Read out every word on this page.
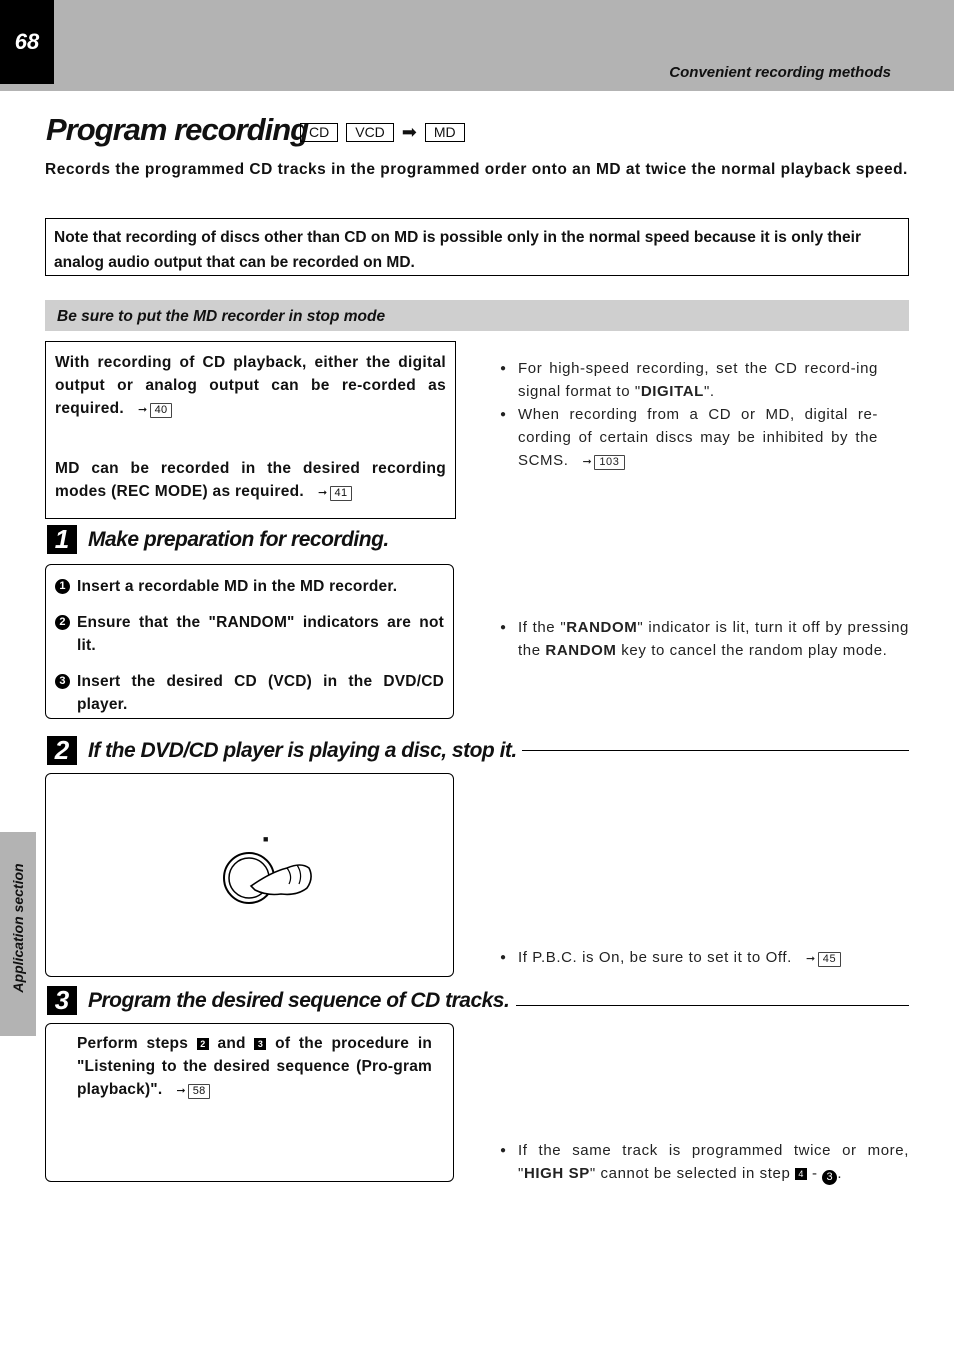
68
Convenient recording methods
Program recording CD	VCD ➡	MD
Records the programmed CD tracks in the programmed order onto an MD at twice the normal playback speed.
Note that recording of discs other than CD on MD is possible only in the normal speed because it is only their analog audio output that can be recorded on MD.
Be sure to put the MD recorder in stop mode

With recording of CD playback, either the digital output or analog output can be re-corded as required. ➞ 40

MD can be recorded in the desired recording modes (REC MODE) as required. ➞ 41

● For high-speed recording, set the CD record-ing signal format to "DIGITAL".
● When recording from a CD or MD, digital re-cording of certain discs may be inhibited by the SCMS. ➞ 103
1 Make preparation for recording.
1 Insert a recordable MD in the MD recorder.
2 Ensure that the "RANDOM" indicators are not lit.
3 Insert the desired CD (VCD) in the DVD/CD player.
● If the "RANDOM" indicator is lit, turn it off by pressing the RANDOM key to cancel the random play mode.
2 If the DVD/CD player is playing a disc, stop it.
■
● If P.B.C. is On, be sure to set it to Off. ➞ 45
Application section
3 Program the desired sequence of CD tracks.
Perform steps 2 and 3 of the procedure in "Listening to the desired sequence (Pro-gram playback)". ➞ 58
● If the same track is programmed twice or more, "HIGH SP" cannot be selected in step 4 - 3 .
